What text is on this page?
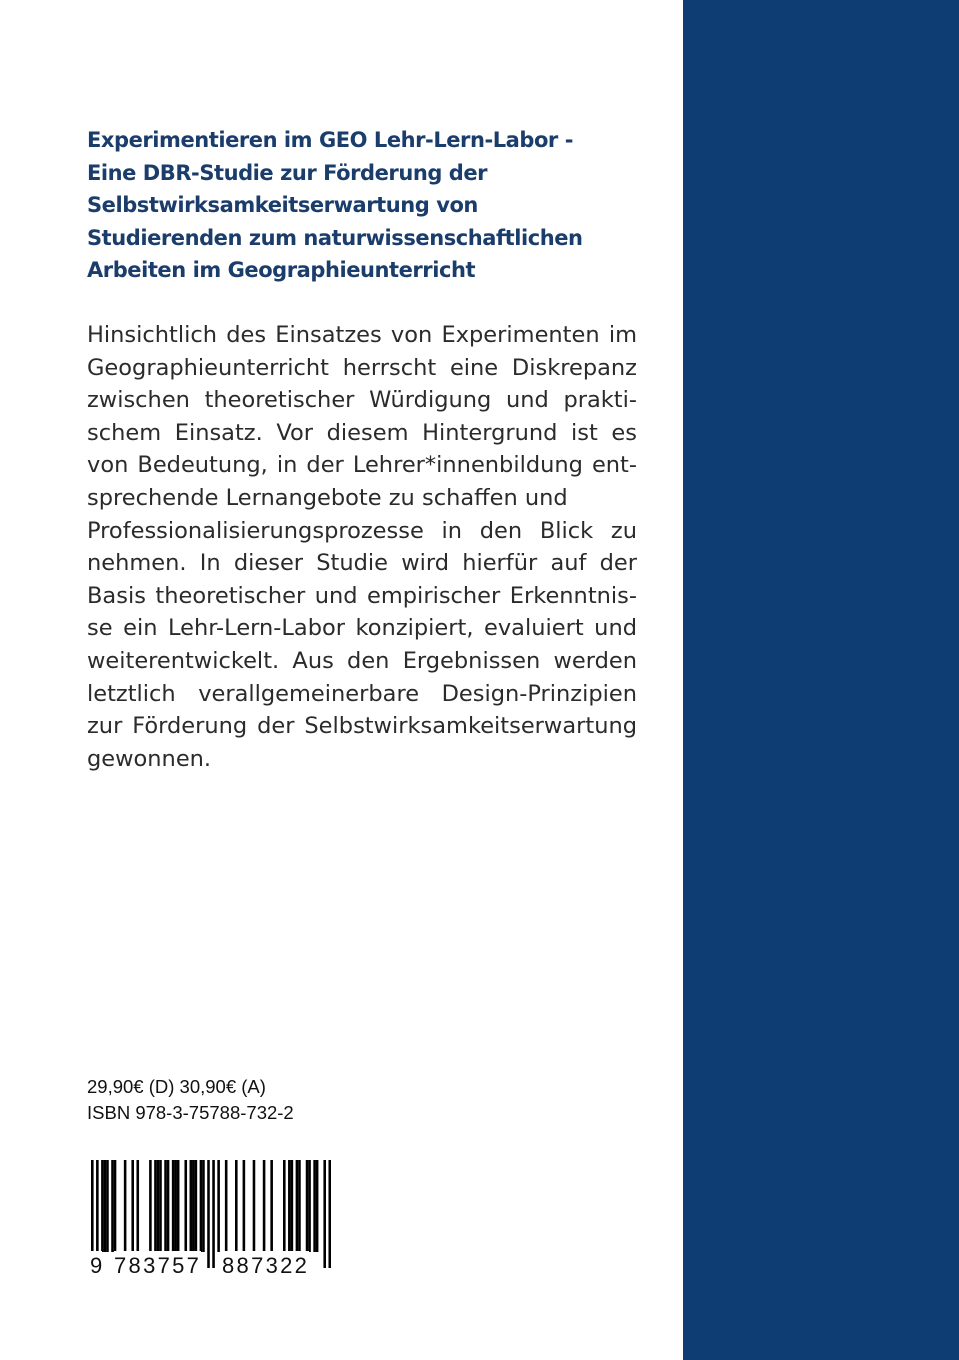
Experimentieren im GEO Lehr-Lern-Labor -
Eine DBR-Studie zur Förderung der
Selbstwirksamkeitserwartung von
Studierenden zum naturwissenschaftlichen
Arbeiten im Geographieunterricht
Hinsichtlich des Einsatzes von Experimenten im
Geographieunterricht herrscht eine Diskrepanz
zwischen theoretischer Würdigung und prakti-
schem Einsatz. Vor diesem Hintergrund ist es
von Bedeutung, in der Lehrer*innenbildung ent-
sprechende Lernangebote zu schaffen und
Professionalisierungsprozesse in den Blick zu
nehmen. In dieser Studie wird hierfür auf der
Basis theoretischer und empirischer Erkenntnis-
se ein Lehr-Lern-Labor konzipiert, evaluiert und
weiterentwickelt. Aus den Ergebnissen werden
letztlich verallgemeinerbare Design-Prinzipien
zur Förderung der Selbstwirksamkeitserwartung
gewonnen.
29,90€ (D) 30,90€ (A)
ISBN 978-3-75788-732-2
9 783757 887322
